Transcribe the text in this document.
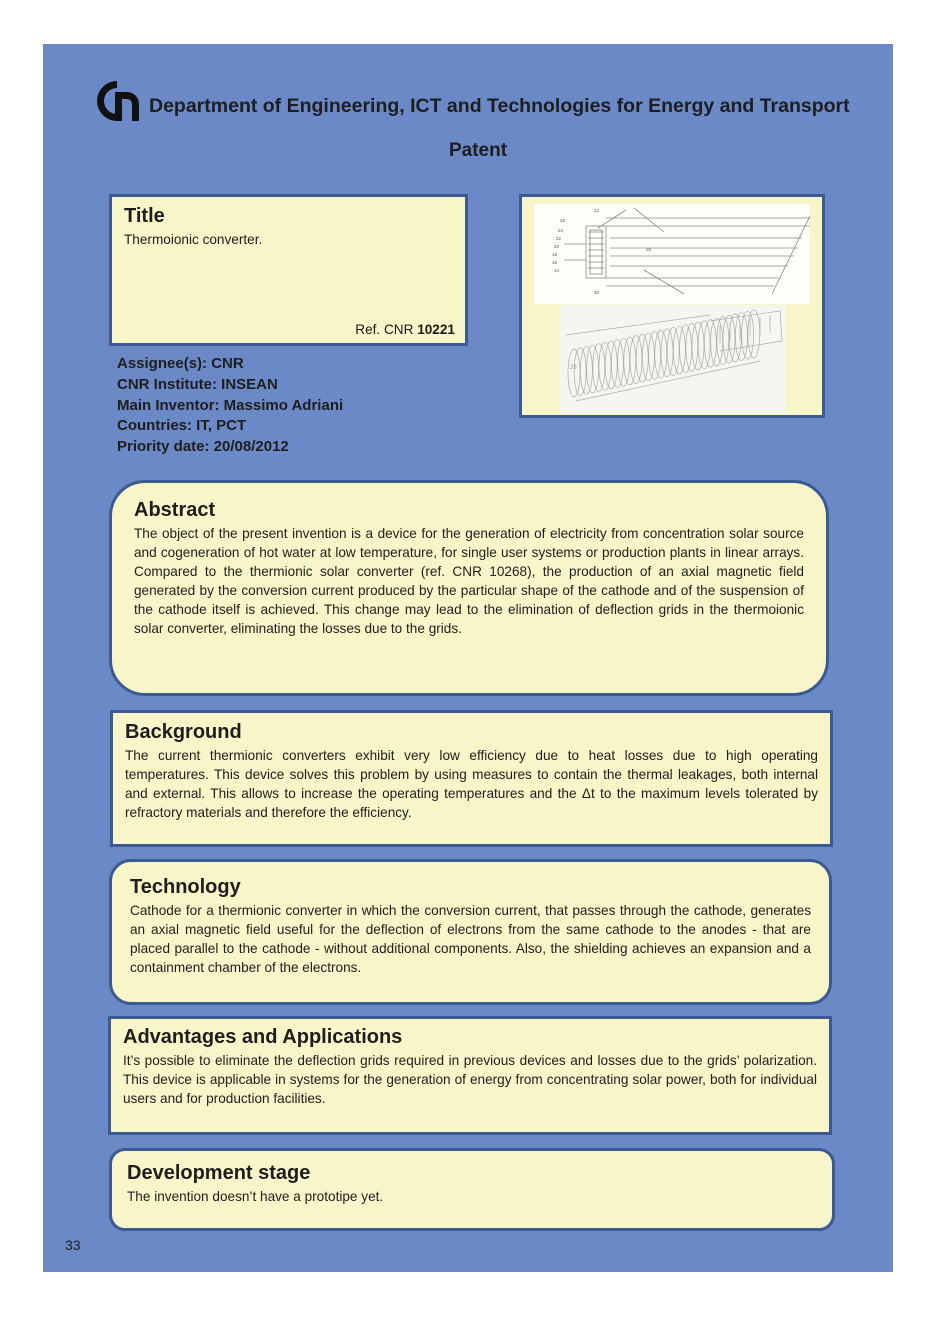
Department of Engineering, ICT and Technologies for Energy and Transport
Patent
Title

Thermoionic converter.

Ref. CNR 10221
26
24
22
20
18
16
14
12
30
25
28
Assignee(s): CNR
CNR Institute: INSEAN
Main Inventor: Massimo Adriani
Countries: IT, PCT
Priority date: 20/08/2012
Abstract

The object of the present invention is a device for the generation of electricity from concentration solar source and cogeneration of hot water at low temperature, for single user systems or production plants in linear arrays. Compared to the thermionic solar converter (ref. CNR 10268), the production of an axial magnetic field generated by the conversion current produced by the particular shape of the cathode and of the suspension of the cathode itself is achieved. This change may lead to the elimination of deflection grids in the thermoionic solar converter, eliminating the losses due to the grids.

Background

The current thermionic converters exhibit very low efficiency due to heat losses due to high operating temperatures. This device solves this problem by using measures to contain the thermal leakages, both internal and external. This allows to increase the operating temperatures and the Δt to the maximum levels tolerated by refractory materials and therefore the efficiency.

Technology

Cathode for a thermionic converter in which the conversion current, that passes through the cathode, generates an axial magnetic field useful for the deflection of electrons from the same cathode to the anodes - that are placed parallel to the cathode - without additional components. Also, the shielding achieves an expansion and a containment chamber of the electrons.

Advantages and Applications

It’s possible to eliminate the deflection grids required in previous devices and losses due to the grids’ polarization. This device is applicable in systems for the generation of energy from concentrating solar power, both for individual users and for production facilities.

Development stage

The invention doesn’t have a prototipe yet.

33
